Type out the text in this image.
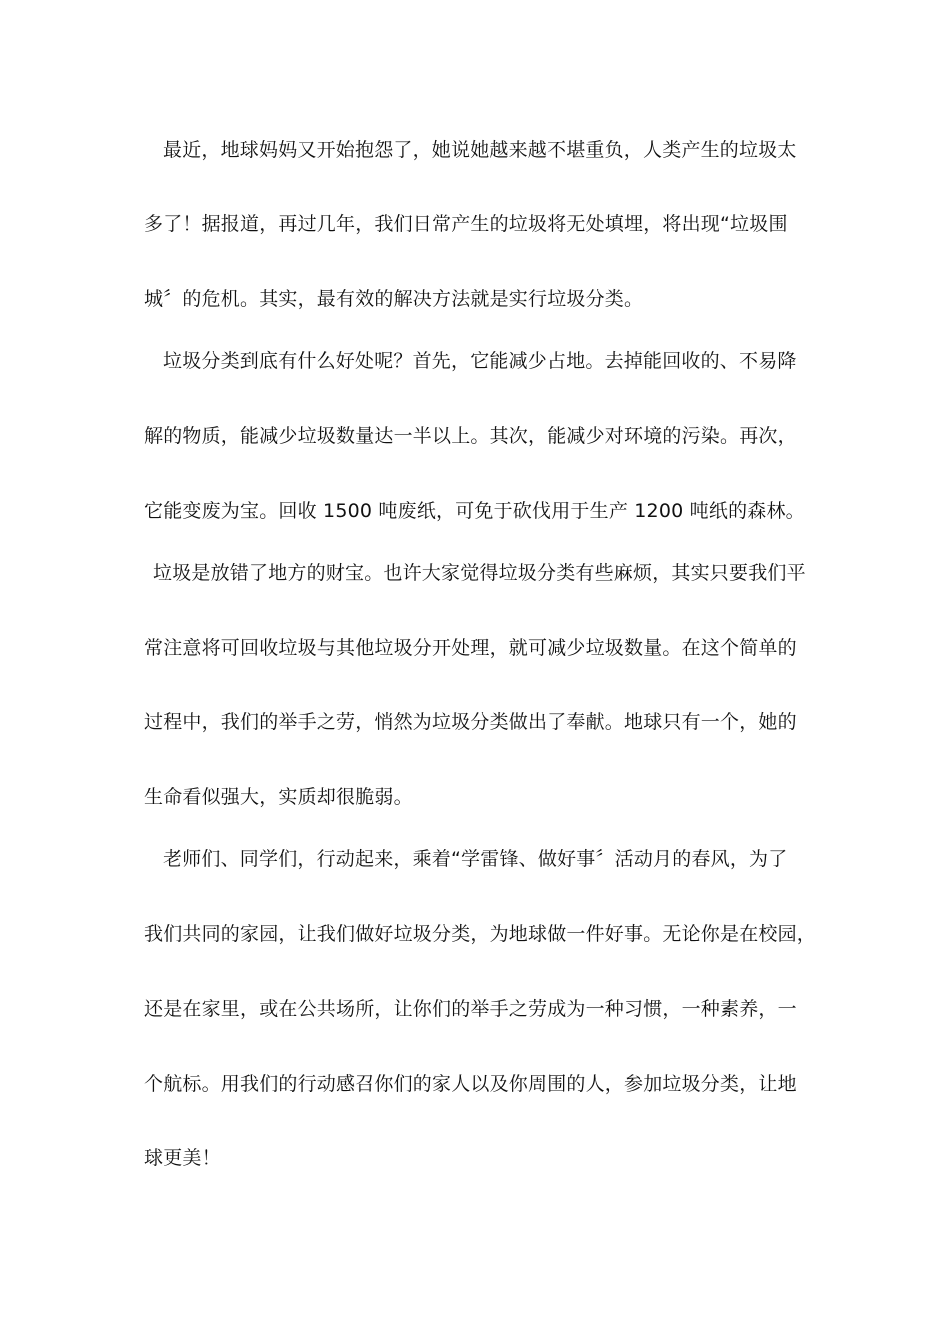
最近，地球妈妈又开始抱怨了，她说她越来越不堪重负，人类产生的垃圾太
多了！据报道，再过几年，我们日常产生的垃圾将无处填埋，将出现“垃圾围
城〞的危机。其实，最有效的解决方法就是实行垃圾分类。
垃圾分类到底有什么好处呢？首先，它能减少占地。去掉能回收的、不易降
解的物质，能减少垃圾数量达一半以上。其次，能减少对环境的污染。再次，
它能变废为宝。回收 1500 吨废纸，可免于砍伐用于生产 1200 吨纸的森林。
垃圾是放错了地方的财宝。也许大家觉得垃圾分类有些麻烦，其实只要我们平
常注意将可回收垃圾与其他垃圾分开处理，就可减少垃圾数量。在这个简单的
过程中，我们的举手之劳，悄然为垃圾分类做出了奉献。地球只有一个，她的
生命看似强大，实质却很脆弱。
老师们、同学们，行动起来，乘着“学雷锋、做好事〞活动月的春风，为了
我们共同的家园，让我们做好垃圾分类，为地球做一件好事。无论你是在校园，
还是在家里，或在公共场所，让你们的举手之劳成为一种习惯，一种素养，一
个航标。用我们的行动感召你们的家人以及你周围的人，参加垃圾分类，让地
球更美！
